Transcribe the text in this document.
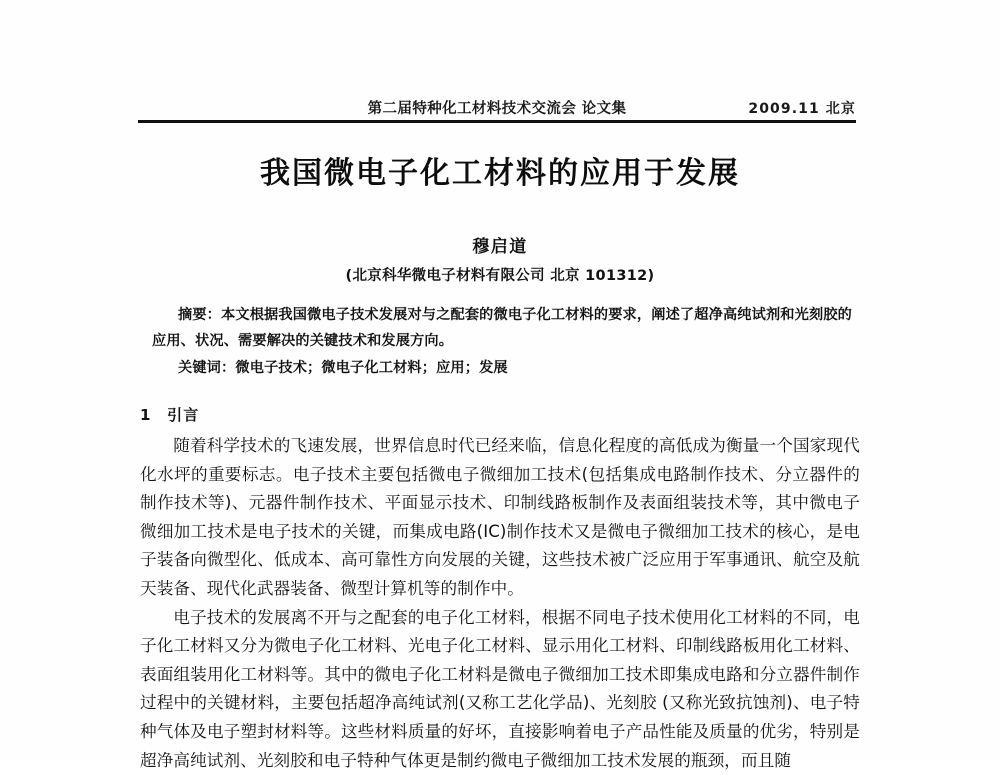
第二届特种化工材料技术交流会 论文集	2009.11 北京
我国微电子化工材料的应用于发展
穆启道
(北京科华微电子材料有限公司 北京 101312)
摘要：本文根据我国微电子技术发展对与之配套的微电子化工材料的要求，阐述了超净高纯试剂和光刻胶的应用、状况、需要解决的关键技术和发展方向。
关键词：微电子技术；微电子化工材料；应用；发展
1 引言

随着科学技术的飞速发展，世界信息时代已经来临，信息化程度的高低成为衡量一个国家现代化水坪的重要标志。电子技术主要包括微电子微细加工技术(包括集成电路制作技术、分立器件的制作技术等)、元器件制作技术、平面显示技术、印制线路板制作及表面组装技术等，其中微电子微细加工技术是电子技术的关键，而集成电路(IC)制作技术又是微电子微细加工技术的核心，是电子装备向微型化、低成本、高可靠性方向发展的关键，这些技术被广泛应用于军事通讯、航空及航天装备、现代化武器装备、微型计算机等的制作中。

电子技术的发展离不开与之配套的电子化工材料，根据不同电子技术使用化工材料的不同，电子化工材料又分为微电子化工材料、光电子化工材料、显示用化工材料、印制线路板用化工材料、表面组装用化工材料等。其中的微电子化工材料是微电子微细加工技术即集成电路和分立器件制作过程中的关键材料，主要包括超净高纯试剂(又称工艺化学品)、光刻胶 (又称光致抗蚀剂)、电子特种气体及电子塑封材料等。这些材料质量的好坏，直接影响着电子产品性能及质量的优劣，特别是超净高纯试剂、光刻胶和电子特种气体更是制约微电子微细加工技术发展的瓶颈，而且随
